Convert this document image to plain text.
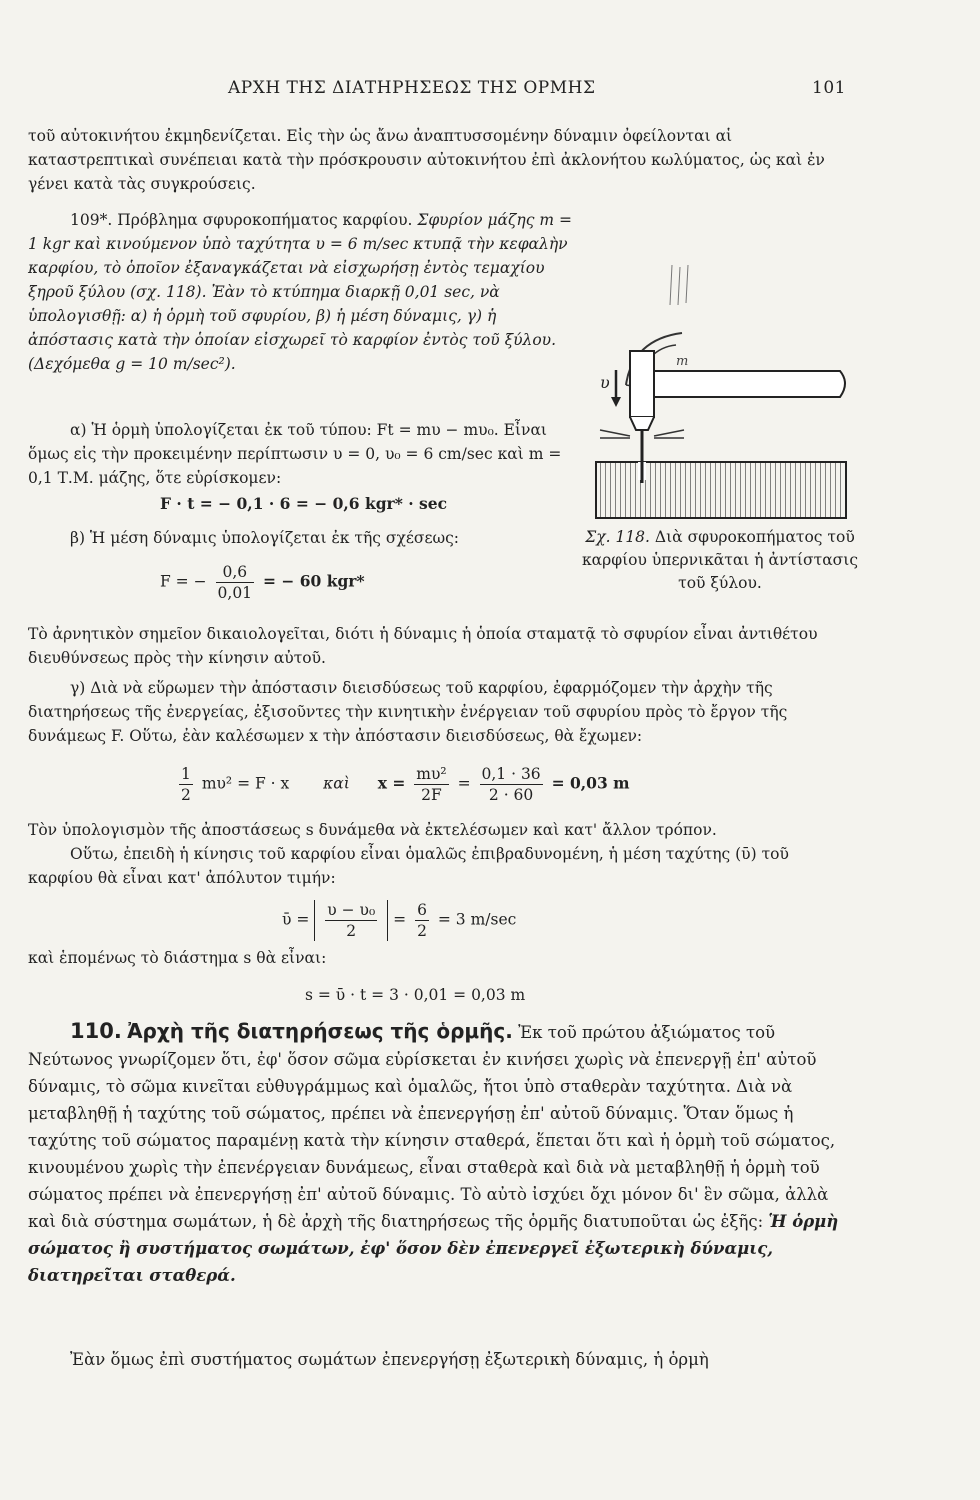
ΑΡΧΗ ΤΗΣ ΔΙΑΤΗΡΗΣΕΩΣ ΤΗΣ ΟΡΜΗΣ	101
τοῦ αὐτοκινήτου ἐκμηδενίζεται. Εἰς τὴν ὡς ἄνω ἀναπτυσσομένην δύναμιν ὀφείλονται αἱ καταστρεπτικαὶ συνέπειαι κατὰ τὴν πρόσκρουσιν αὐτοκινήτου ἐπὶ ἀκλονήτου κωλύματος, ὡς καὶ ἐν γένει κατὰ τὰς συγκρούσεις.
109*. Πρόβλημα σφυροκοπήματος καρφίου. Σφυρίον μάζης m = 1 kgr καὶ κινούμενον ὑπὸ ταχύτητα υ = 6 m/sec κτυπᾷ τὴν κεφαλὴν καρφίου, τὸ ὁποῖον ἐξαναγκάζεται νὰ εἰσχωρήσῃ ἐντὸς τεμαχίου ξηροῦ ξύλου (σχ. 118). Ἐὰν τὸ κτύπημα διαρκῇ 0,01 sec, νὰ ὑπολογισθῇ: α) ἡ ὁρμὴ τοῦ σφυρίου, β) ἡ μέση δύναμις, γ) ἡ ἀπόστασις κατὰ τὴν ὁποίαν εἰσχωρεῖ τὸ καρφίον ἐντὸς τοῦ ξύλου. (Δεχόμεθα g = 10 m/sec²).
α) Ἡ ὁρμὴ ὑπολογίζεται ἐκ τοῦ τύπου: Ft = mυ − mυ₀. Εἶναι ὅμως εἰς τὴν προκειμένην περίπτωσιν υ = 0, υ₀ = 6 cm/sec καὶ m = 0,1 Τ.Μ. μάζης, ὅτε εὑρίσκομεν:
F · t = − 0,1 · 6 = − 0,6 kgr* · sec
β) Ἡ μέση δύναμις ὑπολογίζεται ἐκ τῆς σχέσεως:
F = − $\frac{0,6}{0,01}$ = − 60 kgr*
m
υ
Σχ. 118. Διὰ σφυροκοπήματος τοῦ καρφίου ὑπερνικᾶται ἡ ἀντίστασις τοῦ ξύλου.
Τὸ ἀρνητικὸν σημεῖον δικαιολογεῖται, διότι ἡ δύναμις ἡ ὁποία σταματᾷ τὸ σφυρίον εἶναι ἀντιθέτου διευθύνσεως πρὸς τὴν κίνησιν αὐτοῦ.
γ) Διὰ νὰ εὕρωμεν τὴν ἀπόστασιν διεισδύσεως τοῦ καρφίου, ἐφαρμόζομεν τὴν ἀρχὴν τῆς διατηρήσεως τῆς ἐνεργείας, ἐξισοῦντες τὴν κινητικὴν ἐνέργειαν τοῦ σφυρίου πρὸς τὸ ἔργον τῆς δυνάμεως F. Οὕτω, ἐὰν καλέσωμεν x τὴν ἀπόστασιν διεισδύσεως, θὰ ἔχωμεν:
$\frac{1}{2} m\upsilon^2 = F \cdot x$ καὶ $x = \frac{\text{mυ²}}{2F} = \frac{0,1 \cdot 36}{2 \cdot 60} = 0,03$ m
Τὸν ὑπολογισμὸν τῆς ἀποστάσεως s δυνάμεθα νὰ ἐκτελέσωμεν καὶ κατ' ἄλλον τρόπον.
Οὕτω, ἐπειδὴ ἡ κίνησις τοῦ καρφίου εἶναι ὁμαλῶς ἐπιβραδυνομένη, ἡ μέση ταχύτης (ῡ) τοῦ καρφίου θὰ εἶναι κατ' ἀπόλυτον τιμήν:
ῡ = $\frac{\text{υ − υ₀}}{2} = \frac{6}{2} = 3$ m/sec
καὶ ἑπομένως τὸ διάστημα s θὰ εἶναι:
s = ῡ · t = 3 · 0,01 = 0,03 m
110. Ἀρχὴ τῆς διατηρήσεως τῆς ὁρμῆς. Ἐκ τοῦ πρώτου ἀξιώματος τοῦ Νεύτωνος γνωρίζομεν ὅτι, ἐφ' ὅσον σῶμα εὑρίσκεται ἐν κινήσει χωρὶς νὰ ἐπενεργῇ ἐπ' αὐτοῦ δύναμις, τὸ σῶμα κινεῖται εὐθυγράμμως καὶ ὁμαλῶς, ἤτοι ὑπὸ σταθερὰν ταχύτητα. Διὰ νὰ μεταβληθῇ ἡ ταχύτης τοῦ σώματος, πρέπει νὰ ἐπενεργήσῃ ἐπ' αὐτοῦ δύναμις. Ὅταν ὅμως ἡ ταχύτης τοῦ σώματος παραμένῃ κατὰ τὴν κίνησιν σταθερά, ἕπεται ὅτι καὶ ἡ ὁρμὴ τοῦ σώματος, κινουμένου χωρὶς τὴν ἐπενέργειαν δυνάμεως, εἶναι σταθερὰ καὶ διὰ νὰ μεταβληθῇ ἡ ὁρμὴ τοῦ σώματος πρέπει νὰ ἐπενεργήσῃ ἐπ' αὐτοῦ δύναμις. Τὸ αὐτὸ ἰσχύει ὄχι μόνον δι' ἓν σῶμα, ἀλλὰ καὶ διὰ σύστημα σωμάτων, ἡ δὲ ἀρχὴ τῆς διατηρήσεως τῆς ὁρμῆς διατυποῦται ὡς ἑξῆς: Ἡ ὁρμὴ σώματος ἢ συστήματος σωμάτων, ἐφ' ὅσον δὲν ἐπενεργεῖ ἐξωτερικὴ δύναμις, διατηρεῖται σταθερά.
Ἐὰν ὅμως ἐπὶ συστήματος σωμάτων ἐπενεργήσῃ ἐξωτερικὴ δύναμις, ἡ ὁρμὴ
